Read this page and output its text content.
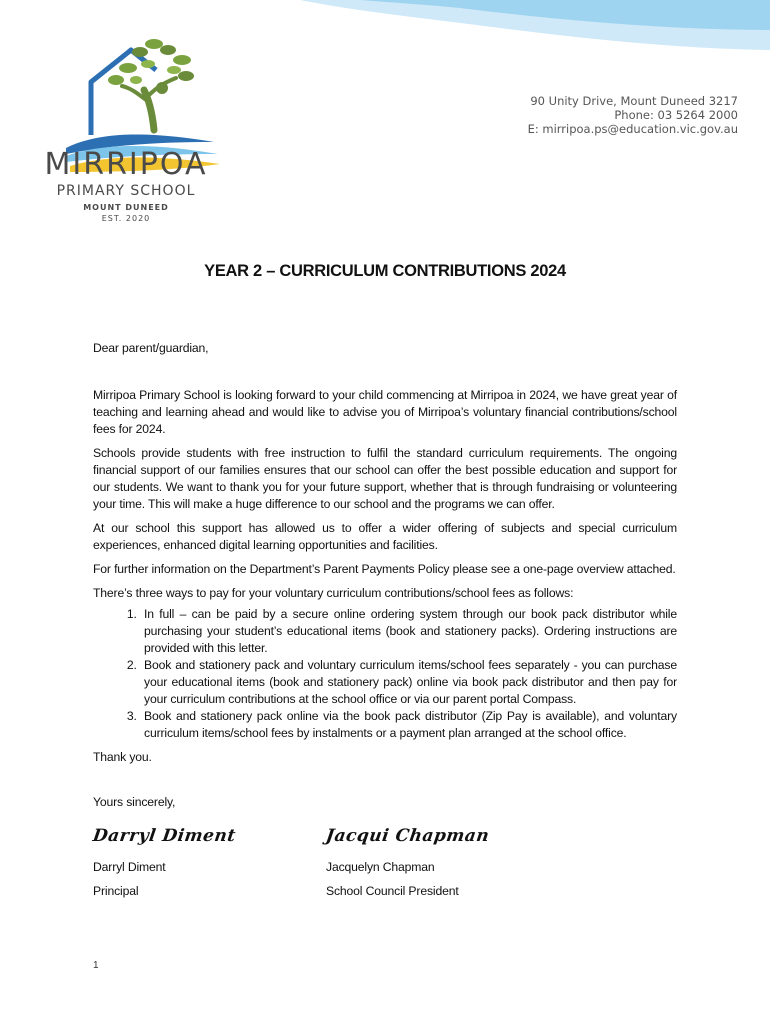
MIRRIPOA
PRIMARY SCHOOL
MOUNT DUNEED
EST. 2020
90 Unity Drive, Mount Duneed 3217
Phone: 03 5264 2000
E: mirripoa.ps@education.vic.gov.au
YEAR 2 – CURRICULUM CONTRIBUTIONS 2024

Dear parent/guardian,

Mirripoa Primary School is looking forward to your child commencing at Mirripoa in 2024, we have great year of teaching and learning ahead and would like to advise you of Mirripoa’s voluntary financial contributions/school fees for 2024.

Schools provide students with free instruction to fulfil the standard curriculum requirements. The ongoing financial support of our families ensures that our school can offer the best possible education and support for our students. We want to thank you for your future support, whether that is through fundraising or volunteering your time. This will make a huge difference to our school and the programs we can offer.

At our school this support has allowed us to offer a wider offering of subjects and special curriculum experiences, enhanced digital learning opportunities and facilities.

For further information on the Department’s Parent Payments Policy please see a one-page overview attached.

There’s three ways to pay for your voluntary curriculum contributions/school fees as follows:

1. In full – can be paid by a secure online ordering system through our book pack distributor while purchasing your student’s educational items (book and stationery packs). Ordering instructions are provided with this letter.
2. Book and stationery pack and voluntary curriculum items/school fees separately - you can purchase your educational items (book and stationery pack) online via book pack distributor and then pay for your curriculum contributions at the school office or via our parent portal Compass.
3. Book and stationery pack online via the book pack distributor (Zip Pay is available), and voluntary curriculum items/school fees by instalments or a payment plan arranged at the school office.

Thank you.

Yours sincerely,

Darryl Diment
Darryl Diment
Principal
Jacqui Chapman
Jacquelyn Chapman
School Council President
1
